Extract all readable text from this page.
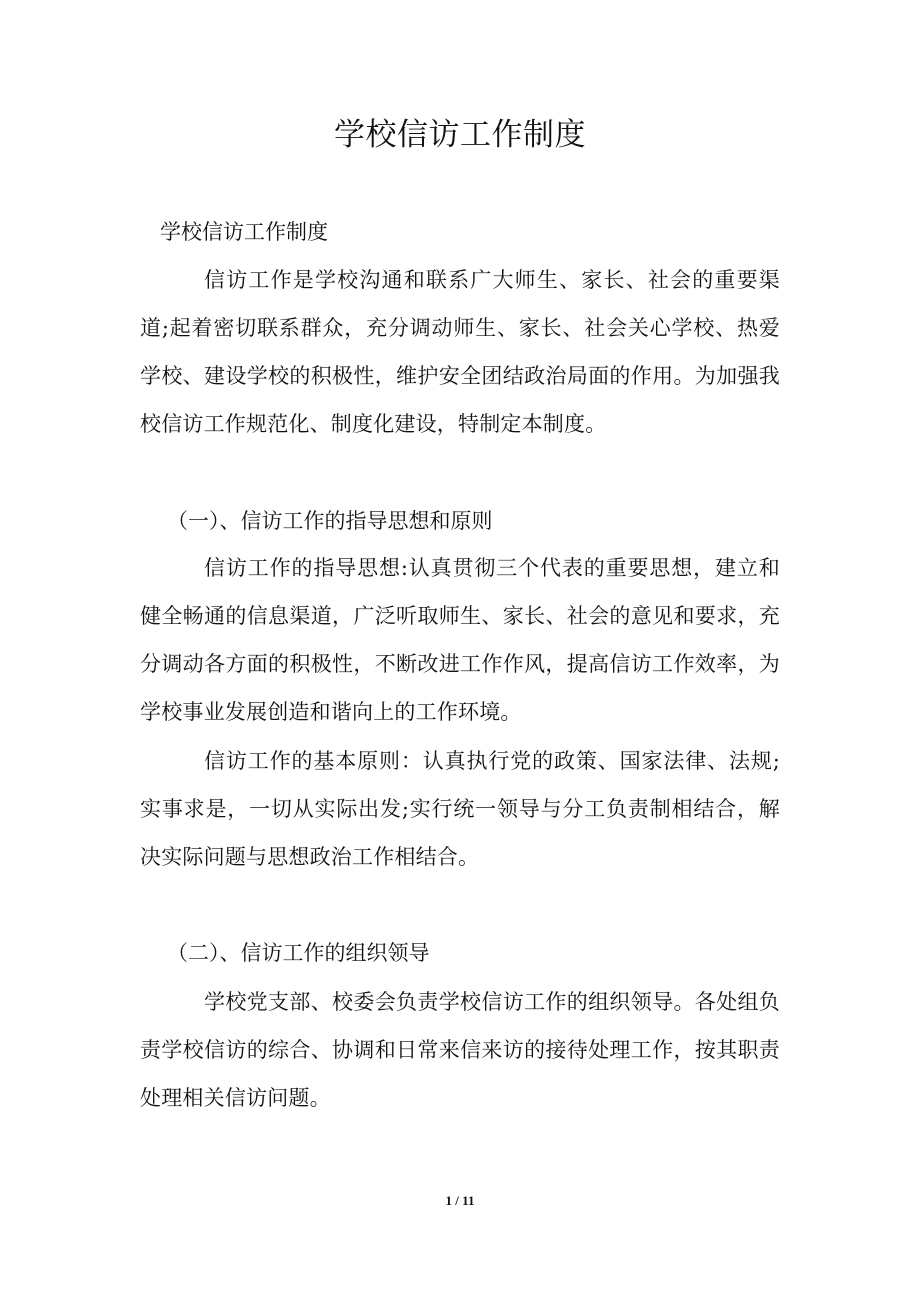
学校信访工作制度
学校信访工作制度
信访工作是学校沟通和联系广大师生、家长、社会的重要渠道;起着密切联系群众，充分调动师生、家长、社会关心学校、热爱学校、建设学校的积极性，维护安全团结政治局面的作用。为加强我校信访工作规范化、制度化建设，特制定本制度。
（一）、信访工作的指导思想和原则
信访工作的指导思想:认真贯彻三个代表的重要思想，建立和健全畅通的信息渠道，广泛听取师生、家长、社会的意见和要求，充分调动各方面的积极性，不断改进工作作风，提高信访工作效率，为学校事业发展创造和谐向上的工作环境。
信访工作的基本原则：认真执行党的政策、国家法律、法规;实事求是，一切从实际出发;实行统一领导与分工负责制相结合，解决实际问题与思想政治工作相结合。
（二）、信访工作的组织领导
学校党支部、校委会负责学校信访工作的组织领导。各处组负责学校信访的综合、协调和日常来信来访的接待处理工作，按其职责处理相关信访问题。
1 / 11
